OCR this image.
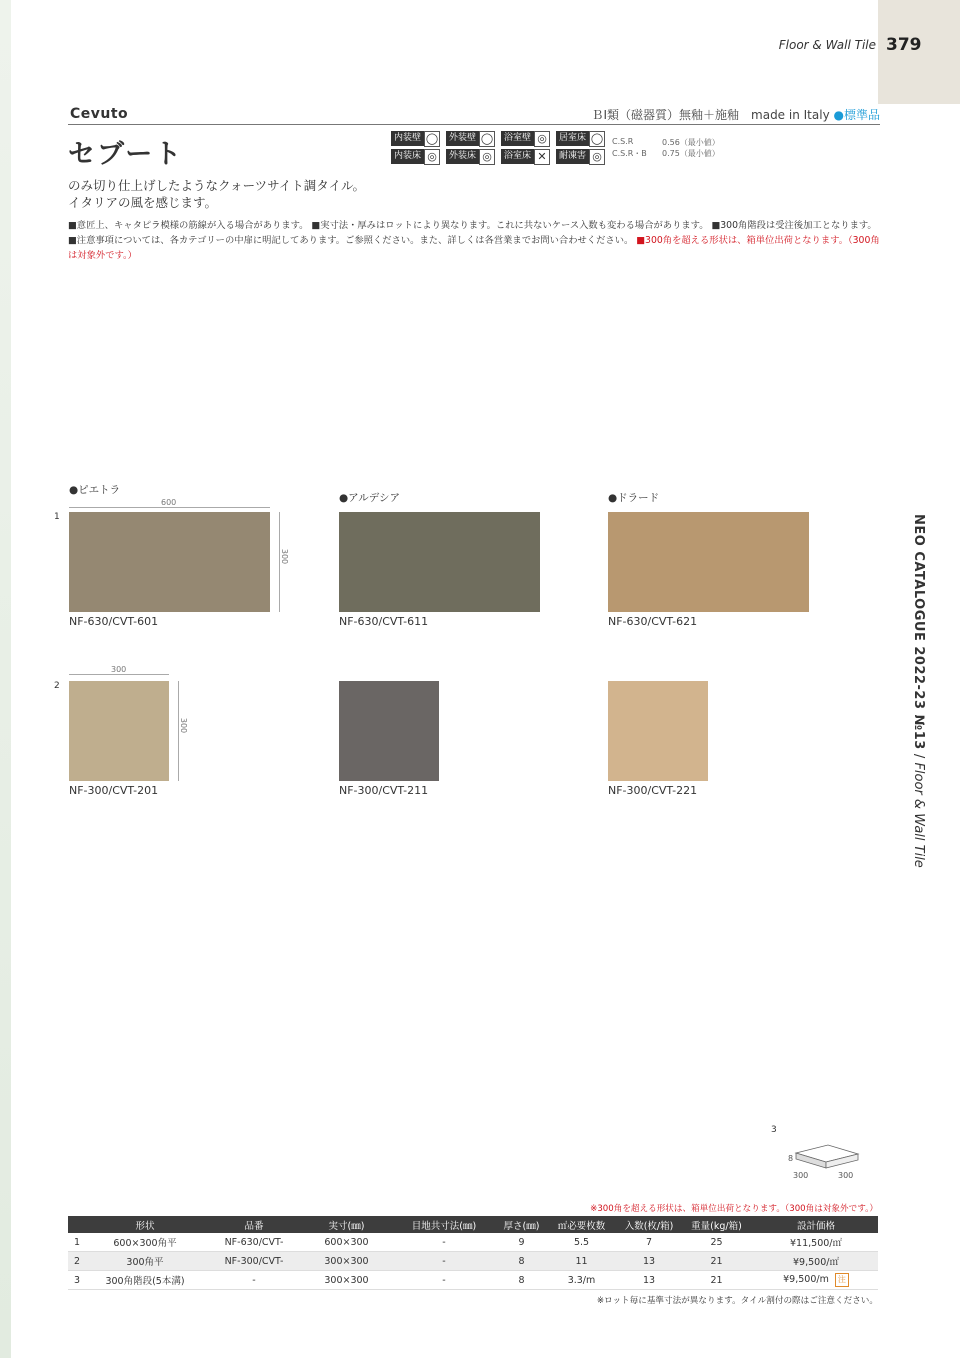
Floor & Wall Tile 379
Cevuto	ＢⅠ類（磁器質）無釉＋施釉　made in Italy ●標準品
セブート
内装壁 ◯	外装壁 ◯	浴室壁 ◎	居室床 ◯
内装床 ◎	外装床 ◎	浴室床 ✕	耐凍害 ◎
C.S.R	0.56（最小値）
C.S.R・B 0.75（最小値）
のみ切り仕上げしたようなクォーツサイト調タイル。
イタリアの風を感じます。
■意匠上、キャタピラ模様の筋線が入る場合があります。 ■実寸法・厚みはロットにより異なります。これに共ないケース入数も変わる場合があります。 ■300角階段は受注後加工となります。 ■注意事項については、各カテゴリーの中扉に明記してあります。ご参照ください。また、詳しくは各営業までお問い合わせください。 ■300角を超える形状は、箱単位出荷となります。（300角は対象外です。）
1
●ピエトラ
●アルデシア	●ドラード
600
300
NF-630/CVT-601	NF-630/CVT-611	NF-630/CVT-621
2
300
300
NF-300/CVT-201	NF-300/CVT-211	NF-300/CVT-221
NEO CATALOGUE 2022-23 №13 / Floor & Wall Tile
3
8
300	300
※300角を超える形状は、箱単位出荷となります。（300角は対象外です。）
	形状	品番	実寸(㎜)	目地共寸法(㎜)	厚さ(㎜)	㎡必要枚数	入数(枚/箱)	重量(kg/箱)	設計価格
1	600×300角平	NF-630/CVT-	600×300	-	9	5.5	7	25	¥11,500/㎡
2	300角平	NF-300/CVT-	300×300	-	8	11	13	21	¥9,500/㎡
3	300角階段(5本溝)	-	300×300	-	8	3.3/m	13	21	¥9,500/m 注
※ロット毎に基準寸法が異なります。タイル割付の際はご注意ください。
